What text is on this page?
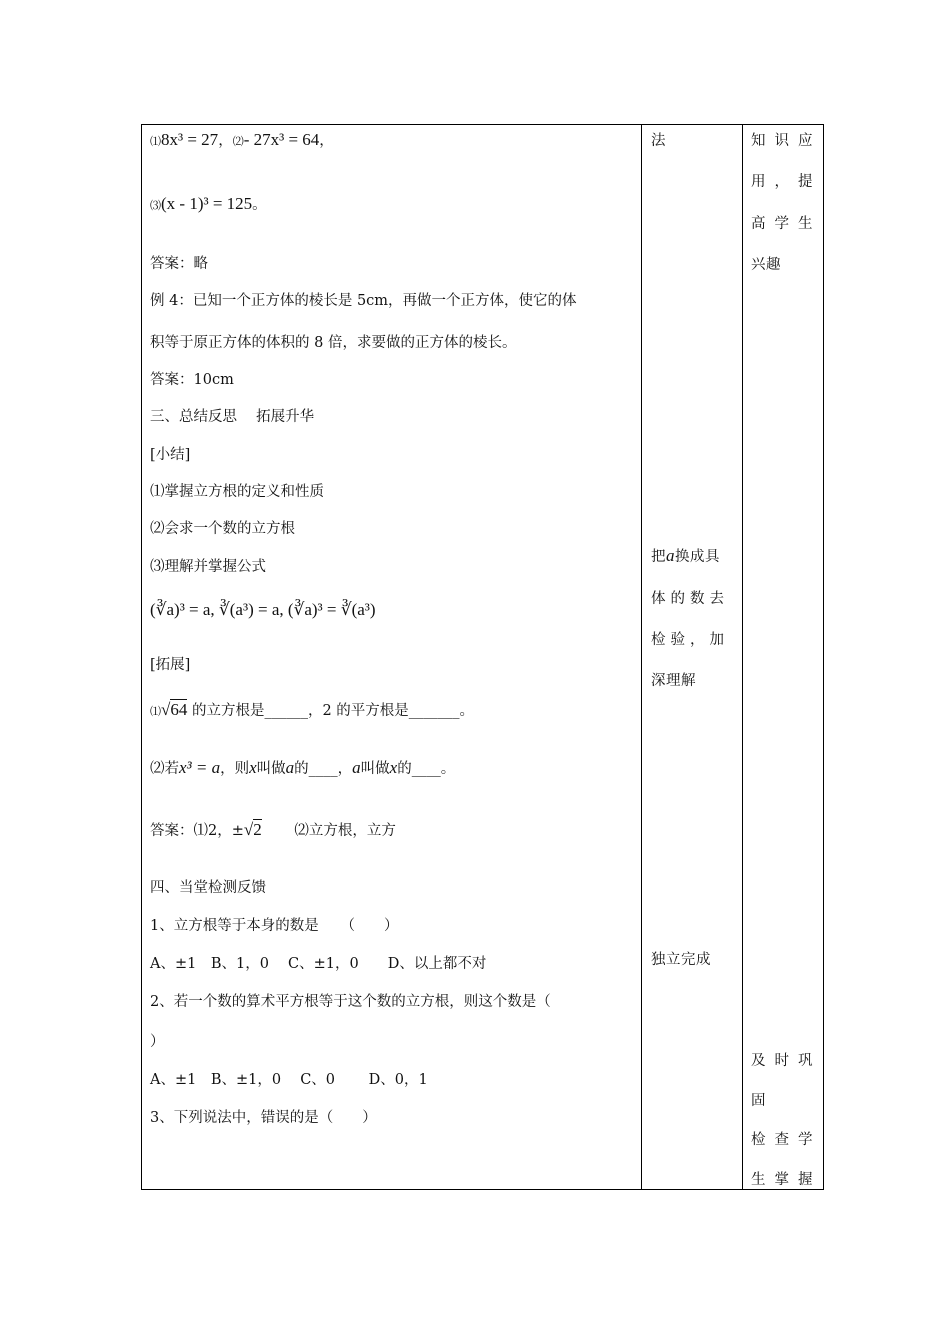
⑴8x³ = 27，⑵- 27x³ = 64，
⑶(x - 1)³ = 125。
答案：略
例 4：已知一个正方体的棱长是 5cm，再做一个正方体，使它的体
积等于原正方体的体积的 8 倍，求要做的正方体的棱长。
答案：10cm
三、总结反思　 拓展升华
[小结]
⑴掌握立方根的定义和性质
⑵会求一个数的立方根
⑶理解并掌握公式
(∛a)³ = a, ∛(a³) = a, (∛a)³ = ∛(a³)
[拓展]
⑴√64 的立方根是______，2 的平方根是_______。
⑵若x³ = a，则x叫做a的____，a叫做x的____。
答案：⑴2，±√2 ⑵立方根，立方
四、当堂检测反馈
1、立方根等于本身的数是　　（　　）
A、±1　B、1，0　 C、±1，0　　D、以上都不对
2、若一个数的算术平方根等于这个数的立方根，则这个数是（
）
A、±1　B、±1，0　 C、0　　 D、0，1
3、下列说法中，错误的是（　　）
法
把a换成具
体的数去
检验，加
深理解
独立完成
知识应
用，提
高学生
兴趣
及时巩
固
检查学
生掌握
